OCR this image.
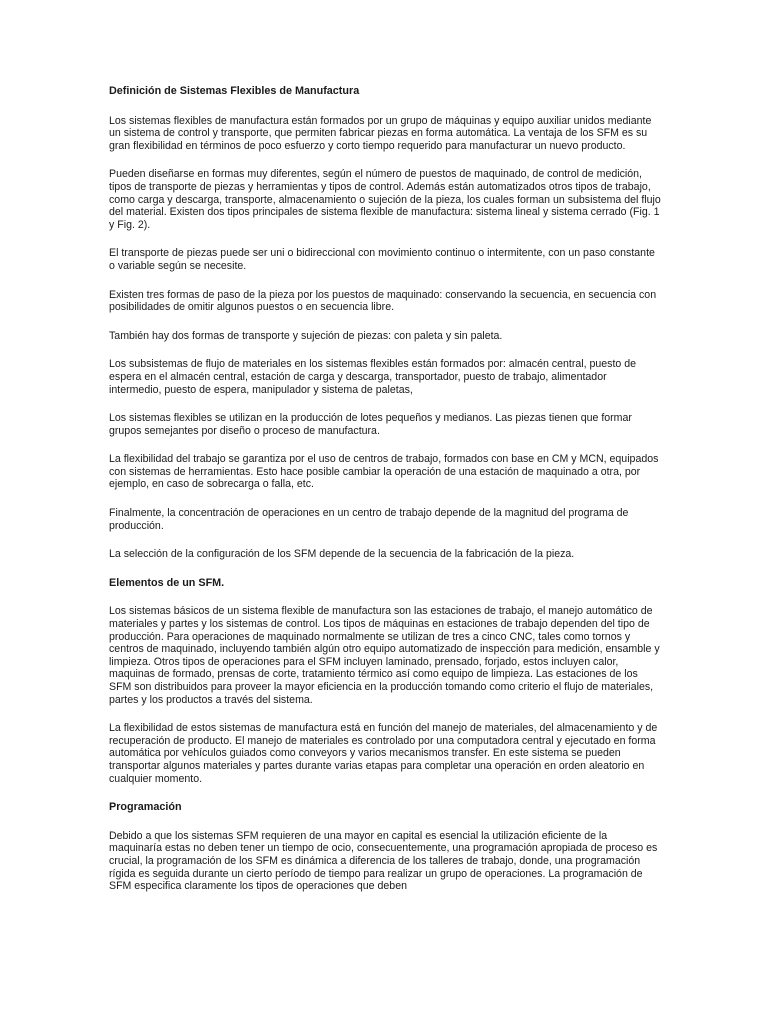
Definición de Sistemas Flexibles de Manufactura

Los sistemas flexibles de manufactura están formados por un grupo de máquinas y equipo auxiliar unidos mediante un sistema de control y transporte, que permiten fabricar piezas en forma automática. La ventaja de los SFM es su gran flexibilidad en términos de poco esfuerzo y corto tiempo requerido para manufacturar un nuevo producto.

Pueden diseñarse en formas muy diferentes, según el número de puestos de maquinado, de control de medición, tipos de transporte de piezas y herramientas y tipos de control. Además están automatizados otros tipos de trabajo, como carga y descarga, transporte, almacenamiento o sujeción de la pieza, los cuales forman un subsistema del flujo del material. Existen dos tipos principales de sistema flexible de manufactura: sistema lineal y sistema cerrado (Fig. 1 y Fig. 2).

El transporte de piezas puede ser uni o bidireccional con movimiento continuo o intermitente, con un paso constante o variable según se necesite.

Existen tres formas de paso de la pieza por los puestos de maquinado: conservando la secuencia, en secuencia con posibilidades de omitir algunos puestos o en secuencia libre.

También hay dos formas de transporte y sujeción de piezas: con paleta y sin paleta.

Los subsistemas de flujo de materiales en los sistemas flexibles están formados por: almacén central, puesto de espera en el almacén central, estación de carga y descarga, transportador, puesto de trabajo, alimentador intermedio, puesto de espera, manipulador y sistema de paletas,

Los sistemas flexibles se utilizan en la producción de lotes pequeños y medianos. Las piezas tienen que formar grupos semejantes por diseño o proceso de manufactura.

La flexibilidad del trabajo se garantiza por el uso de centros de trabajo, formados con base en CM y MCN, equipados con sistemas de herramientas. Esto hace posible cambiar la operación de una estación de maquinado a otra, por ejemplo, en caso de sobrecarga o falla, etc.

Finalmente, la concentración de operaciones en un centro de trabajo depende de la magnitud del programa de producción.

La selección de la configuración de los SFM depende de la secuencia de la fabricación de la pieza.

Elementos de un SFM.

Los sistemas básicos de un sistema flexible de manufactura son las estaciones de trabajo, el manejo automático de materiales y partes y los sistemas de control. Los tipos de máquinas en estaciones de trabajo dependen del tipo de producción. Para operaciones de maquinado normalmente se utilizan de tres a cinco CNC, tales como tornos y centros de maquinado, incluyendo también algún otro equipo automatizado de inspección para medición, ensamble y limpieza. Otros tipos de operaciones para el SFM incluyen laminado, prensado, forjado, estos incluyen calor, maquinas de formado, prensas de corte, tratamiento térmico así como equipo de limpieza. Las estaciones de los SFM son distribuidos para proveer la mayor eficiencia en la producción tomando como criterio el flujo de materiales, partes y los productos a través del sistema.

La flexibilidad de estos sistemas de manufactura está en función del manejo de materiales, del almacenamiento y de recuperación de producto. El manejo de materiales es controlado por una computadora central y ejecutado en forma automática por vehículos guiados como conveyors y varios mecanismos transfer. En este sistema se pueden transportar algunos materiales y partes durante varias etapas para completar una operación en orden aleatorio en cualquier momento.

Programación

Debido a que los sistemas SFM requieren de una mayor en capital es esencial la utilización eficiente de la maquinaría estas no deben tener un tiempo de ocio, consecuentemente, una programación apropiada de proceso es crucial, la programación de los SFM es dinámica a diferencia de los talleres de trabajo, donde, una programación rígida es seguida durante un cierto período de tiempo para realizar un grupo de operaciones. La programación de SFM especifica claramente los tipos de operaciones que deben
